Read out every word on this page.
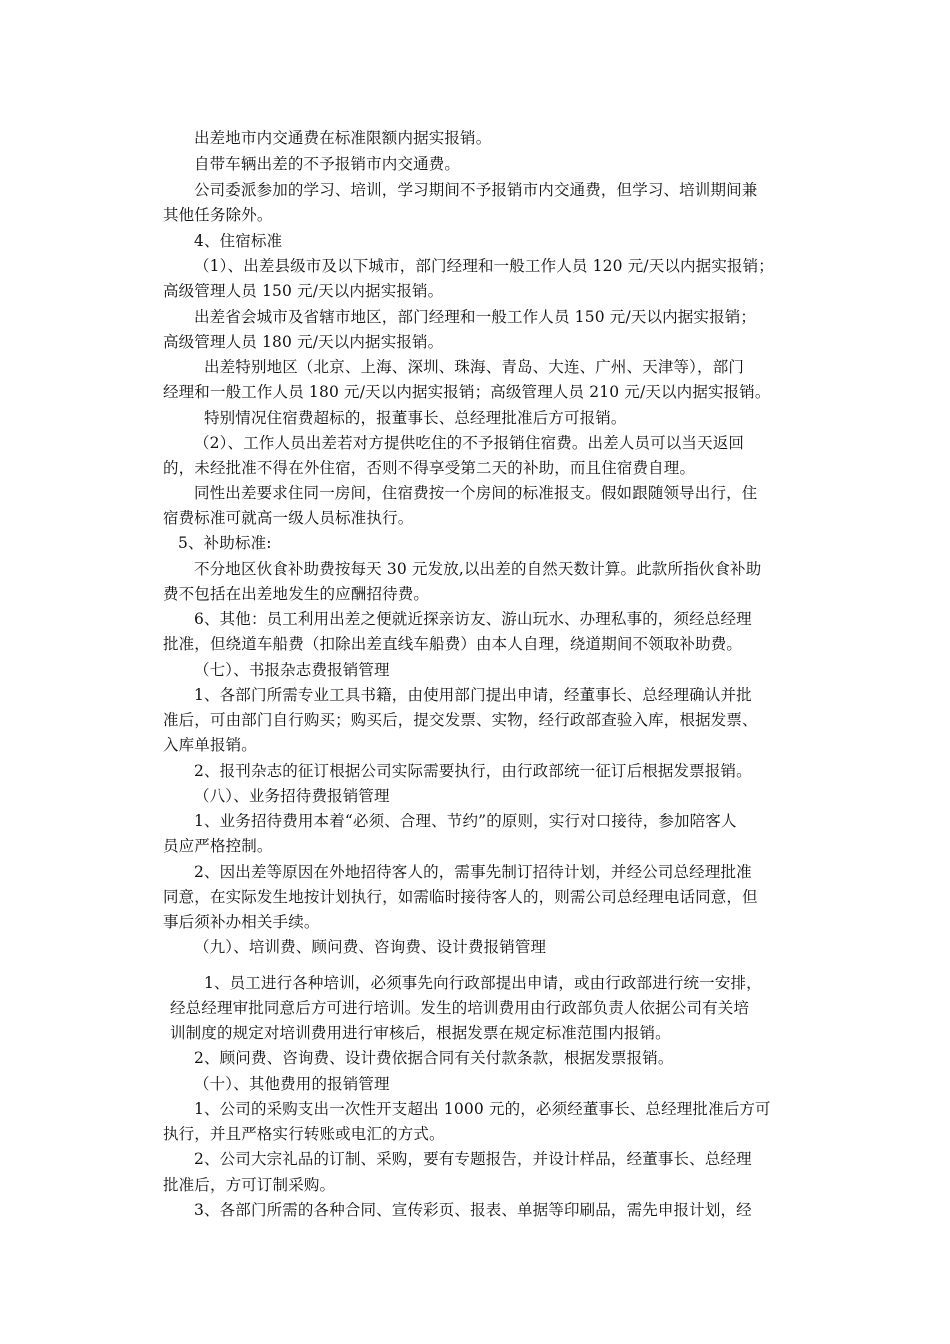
出差地市内交通费在标准限额内据实报销。
自带车辆出差的不予报销市内交通费。
公司委派参加的学习、培训，学习期间不予报销市内交通费，但学习、培训期间兼
其他任务除外。
4、住宿标准
（1）、出差县级市及以下城市，部门经理和一般工作人员 120 元/天以内据实报销；
高级管理人员 150 元/天以内据实报销。
出差省会城市及省辖市地区，部门经理和一般工作人员 150 元/天以内据实报销；
高级管理人员 180 元/天以内据实报销。
出差特别地区（北京、上海、深圳、珠海、青岛、大连、广州、天津等），部门
经理和一般工作人员 180 元/天以内据实报销；高级管理人员 210 元/天以内据实报销。
特别情况住宿费超标的，报董事长、总经理批准后方可报销。
（2）、工作人员出差若对方提供吃住的不予报销住宿费。出差人员可以当天返回
的，未经批准不得在外住宿，否则不得享受第二天的补助，而且住宿费自理。
同性出差要求住同一房间，住宿费按一个房间的标准报支。假如跟随领导出行，住
宿费标准可就高一级人员标准执行。
5、补助标准:
不分地区伙食补助费按每天 30 元发放,以出差的自然天数计算。此款所指伙食补助
费不包括在出差地发生的应酬招待费。
6、其他：员工利用出差之便就近探亲访友、游山玩水、办理私事的，须经总经理
批准，但绕道车船费（扣除出差直线车船费）由本人自理，绕道期间不领取补助费。
（七）、书报杂志费报销管理
1、各部门所需专业工具书籍，由使用部门提出申请，经董事长、总经理确认并批
准后，可由部门自行购买；购买后，提交发票、实物，经行政部查验入库，根据发票、
入库单报销。
2、报刊杂志的征订根据公司实际需要执行，由行政部统一征订后根据发票报销。
（八）、业务招待费报销管理
1、业务招待费用本着“必须、合理、节约”的原则，实行对口接待，参加陪客人
员应严格控制。
2、因出差等原因在外地招待客人的，需事先制订招待计划，并经公司总经理批准
同意，在实际发生地按计划执行，如需临时接待客人的，则需公司总经理电话同意，但
事后须补办相关手续。
（九）、培训费、顾问费、咨询费、设计费报销管理
1、员工进行各种培训，必须事先向行政部提出申请，或由行政部进行统一安排，
经总经理审批同意后方可进行培训。发生的培训费用由行政部负责人依据公司有关培
训制度的规定对培训费用进行审核后，根据发票在规定标准范围内报销。
2、顾问费、咨询费、设计费依据合同有关付款条款，根据发票报销。
（十）、其他费用的报销管理
1、公司的采购支出一次性开支超出 1000 元的，必须经董事长、总经理批准后方可
执行，并且严格实行转账或电汇的方式。
2、公司大宗礼品的订制、采购，要有专题报告，并设计样品，经董事长、总经理
批准后，方可订制采购。
3、各部门所需的各种合同、宣传彩页、报表、单据等印刷品，需先申报计划，经
